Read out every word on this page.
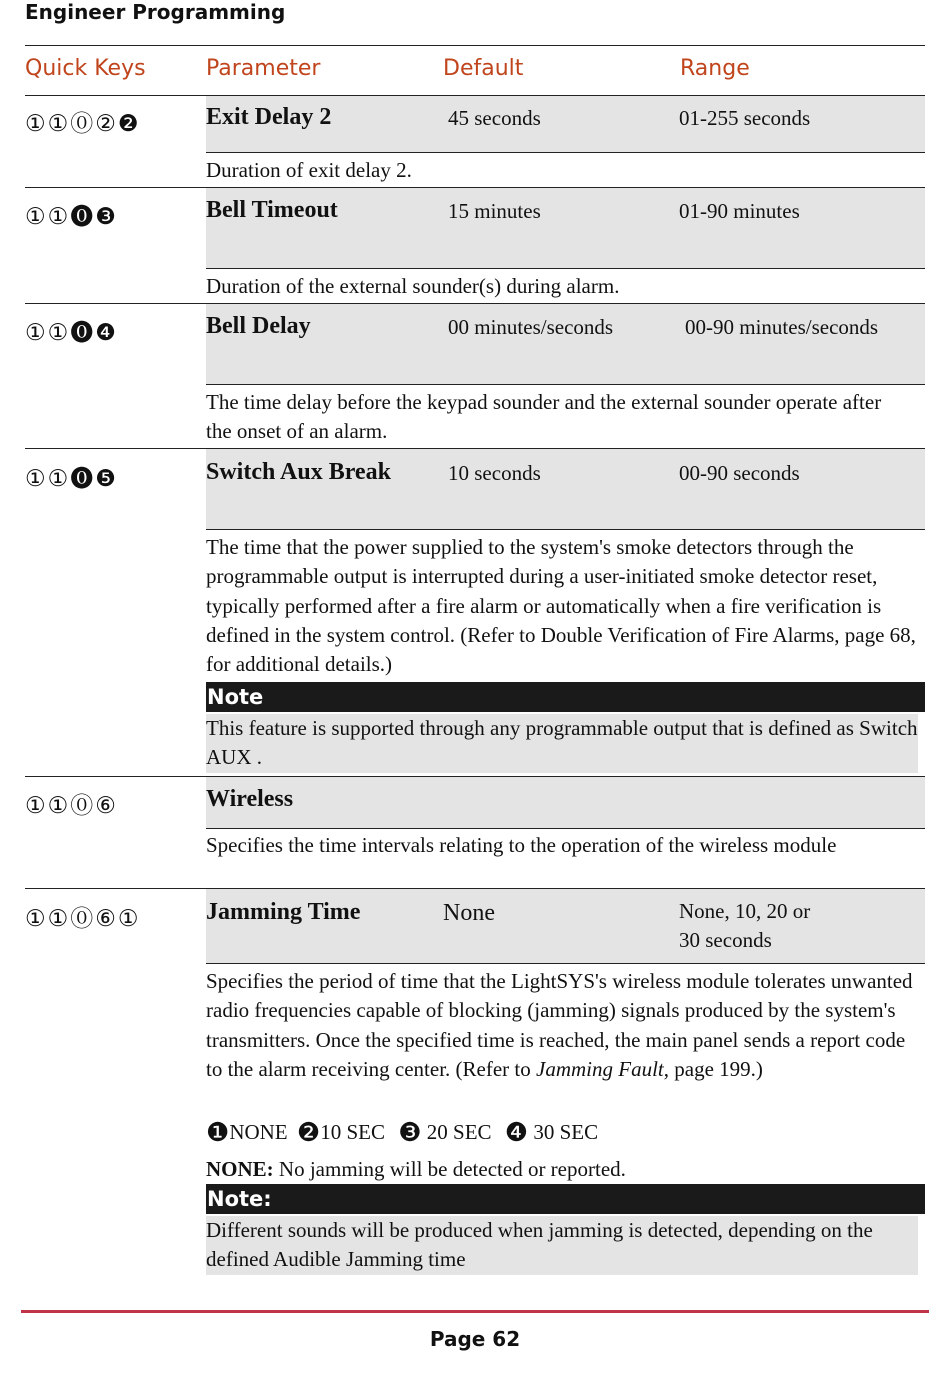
Engineer Programming
Quick Keys	Parameter	Default	Range
①①⓪②❷	Exit Delay 2	45 seconds	01-255 seconds
Duration of exit delay 2.
①①⓿❸	Bell Timeout	15 minutes	01-90 minutes
Duration of the external sounder(s) during alarm.
①①⓿❹	Bell Delay	00 minutes/seconds	00-90 minutes/seconds
The time delay before the keypad sounder and the external sounder operate after the onset of an alarm.
①①⓿❺	Switch Aux Break	10 seconds	00-90 seconds
The time that the power supplied to the system's smoke detectors through the programmable output is interrupted during a user-initiated smoke detector reset, typically performed after a fire alarm or automatically when a fire verification is defined in the system control. (Refer to Double Verification of Fire Alarms, page 68, for additional details.)
Note
This feature is supported through any programmable output that is defined as Switch AUX .
①①⓪⑥	Wireless
Specifies the time intervals relating to the operation of the wireless module
①①⓪⑥①	Jamming Time	None	None, 10, 20 or
30 seconds
Specifies the period of time that the LightSYS's wireless module tolerates unwanted radio frequencies capable of blocking (jamming) signals produced by the system's transmitters. Once the specified time is reached, the main panel sends a report code to the alarm receiving center. (Refer to Jamming Fault, page 199.)
❶NONE ❷10 SEC ❸ 20 SEC ❹ 30 SEC
NONE: No jamming will be detected or reported.
Note:
Different sounds will be produced when jamming is detected, depending on the defined Audible Jamming time
Page 62
